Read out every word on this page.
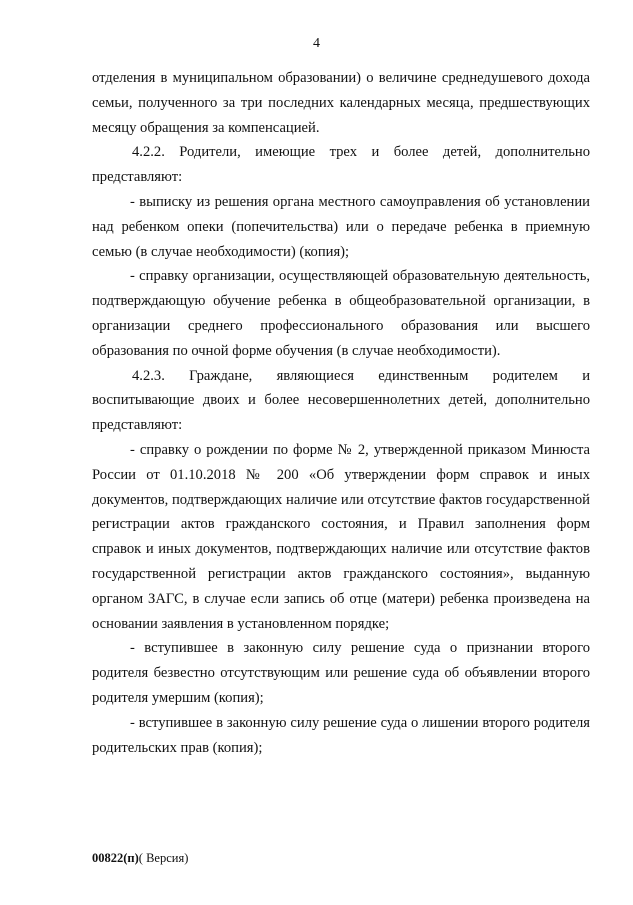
4

отделения в муниципальном образовании) о величине среднедушевого дохода семьи, полученного за три последних календарных месяца, предшествующих месяцу обращения за компенсацией.

4.2.2. Родители, имеющие трех и более детей, дополнительно представляют:

- выписку из решения органа местного самоуправления об установлении над ребенком опеки (попечительства) или о передаче ребенка в приемную семью (в случае необходимости) (копия);

- справку организации, осуществляющей образовательную деятельность, подтверждающую обучение ребенка в общеобразовательной организации, в организации среднего профессионального образования или высшего образования по очной форме обучения (в случае необходимости).

4.2.3. Граждане, являющиеся единственным родителем и воспитывающие двоих и более несовершеннолетних детей, дополнительно представляют:

- справку о рождении по форме № 2, утвержденной приказом Минюста России от 01.10.2018 № 200 «Об утверждении форм справок и иных документов, подтверждающих наличие или отсутствие фактов государственной регистрации актов гражданского состояния, и Правил заполнения форм справок и иных документов, подтверждающих наличие или отсутствие фактов государственной регистрации актов гражданского состояния», выданную органом ЗАГС, в случае если запись об отце (матери) ребенка произведена на основании заявления в установленном порядке;

- вступившее в законную силу решение суда о признании второго родителя безвестно отсутствующим или решение суда об объявлении второго родителя умершим (копия);

- вступившее в законную силу решение суда о лишении второго родителя родительских прав (копия);

00822(п)( Версия)
